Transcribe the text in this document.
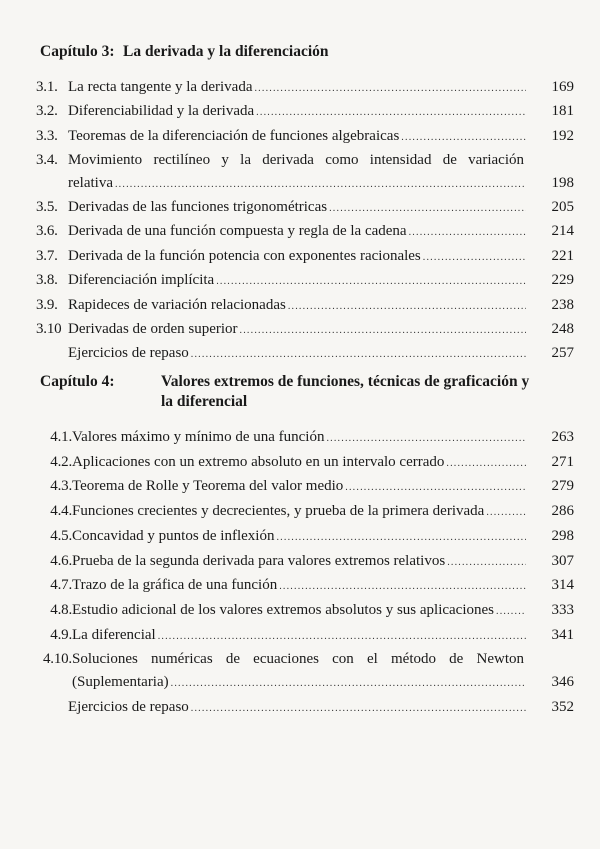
Capítulo 3: La derivada y la diferenciación
3.1. La recta tangente y la derivada .....	169
3.2. Diferenciabilidad y la derivada .....	181
3.3. Teoremas de la diferenciación de funciones algebraicas .....	192
3.4. Movimiento rectilíneo y la derivada como intensidad de variación
relativa .....	198
3.5. Derivadas de las funciones trigonométricas .....	205
3.6. Derivada de una función compuesta y regla de la cadena .....	214
3.7. Derivada de la función potencia con exponentes racionales .....	221
3.8. Diferenciación implícita .....	229
3.9. Rapideces de variación relacionadas .....	238
3.10 Derivadas de orden superior .....	248
Ejercicios de repaso .....	257
Capítulo 4:	Valores extremos de funciones, técnicas de graficación y
la diferencial
4.1. Valores máximo y mínimo de una función .....	263
4.2. Aplicaciones con un extremo absoluto en un intervalo cerrado .....	271
4.3. Teorema de Rolle y Teorema del valor medio .....	279
4.4. Funciones crecientes y decrecientes, y prueba de la primera derivada .....	286
4.5. Concavidad y puntos de inflexión .....	298
4.6. Prueba de la segunda derivada para valores extremos relativos .....	307
4.7. Trazo de la gráfica de una función .....	314
4.8. Estudio adicional de los valores extremos absolutos y sus aplicaciones .....	333
4.9. La diferencial .....	341
4.10. Soluciones numéricas de ecuaciones con el método de Newton
(Suplementaria) .....	346
Ejercicios de repaso .....	352
